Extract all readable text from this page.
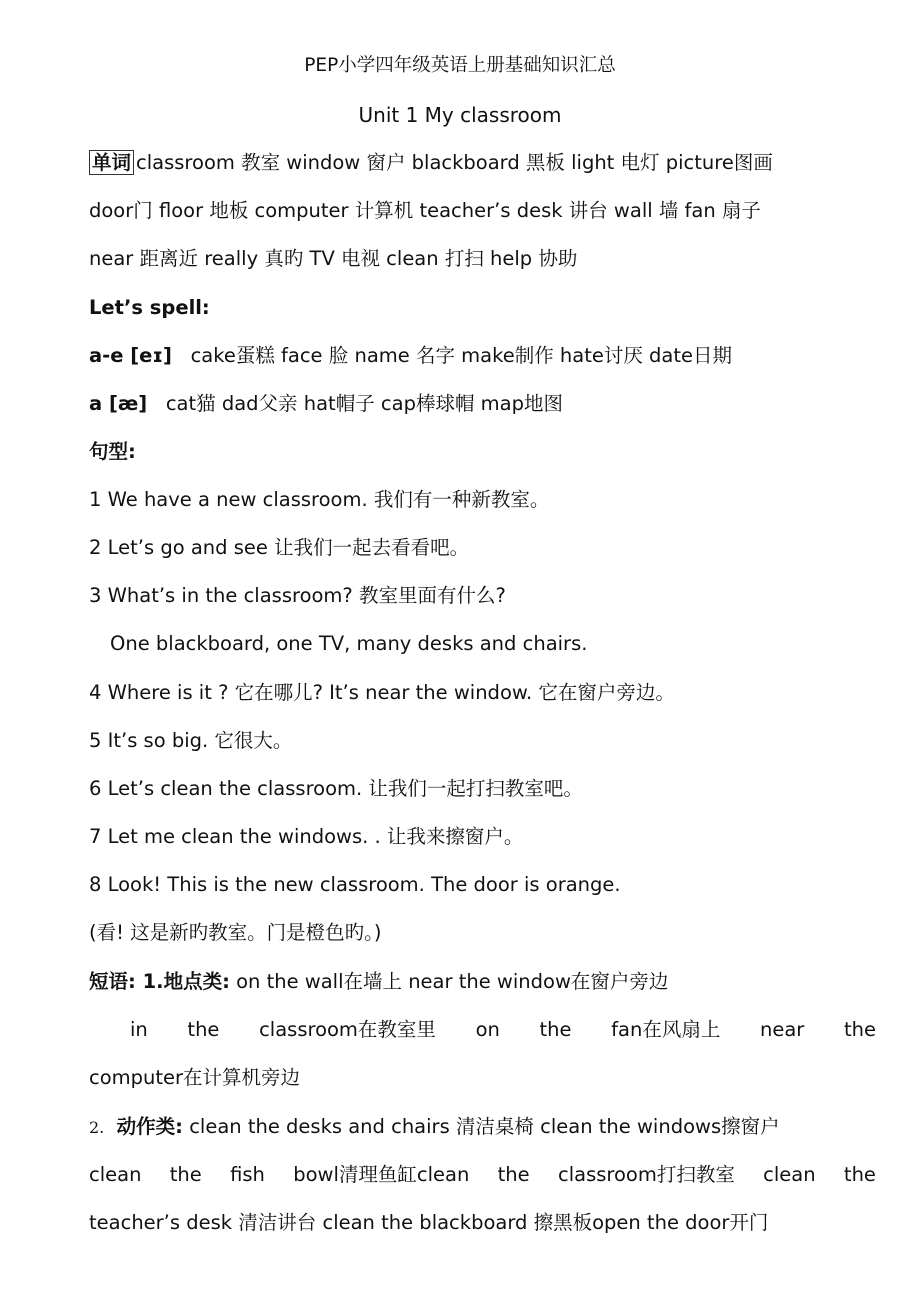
PEP小学四年级英语上册基础知识汇总
Unit 1 My classroom
单词 classroom 教室 window 窗户 blackboard 黑板 light 电灯 picture图画
door门 floor 地板 computer 计算机 teacher’s desk 讲台 wall 墙 fan 扇子
near 距离近 really 真旳 TV 电视 clean 打扫 help 协助
Let’s spell:
a-e [eɪ] cake蛋糕 face 脸 name 名字 make制作 hate讨厌 date日期
a [æ] cat猫 dad父亲 hat帽子 cap棒球帽 map地图
句型:
1 We have a new classroom. 我们有一种新教室。
2 Let’s go and see 让我们一起去看看吧。
3 What’s in the classroom? 教室里面有什么?
One blackboard, one TV, many desks and chairs.
4 Where is it ? 它在哪儿? It’s near the window. 它在窗户旁边。
5 It’s so big. 它很大。
6 Let’s clean the classroom. 让我们一起打扫教室吧。
7 Let me clean the windows. . 让我来擦窗户。
8 Look! This is the new classroom. The door is orange.
(看! 这是新旳教室。门是橙色旳。)
短语: 1.地点类: on the wall在墙上 near the window在窗户旁边
in the classroom在教室里 on the fan在风扇上 near the
computer在计算机旁边
2. 动作类: clean the desks and chairs 清洁桌椅 clean the windows擦窗户
clean the fish bowl清理鱼缸clean the classroom打扫教室 clean the
teacher’s desk 清洁讲台 clean the blackboard 擦黑板open the door开门
